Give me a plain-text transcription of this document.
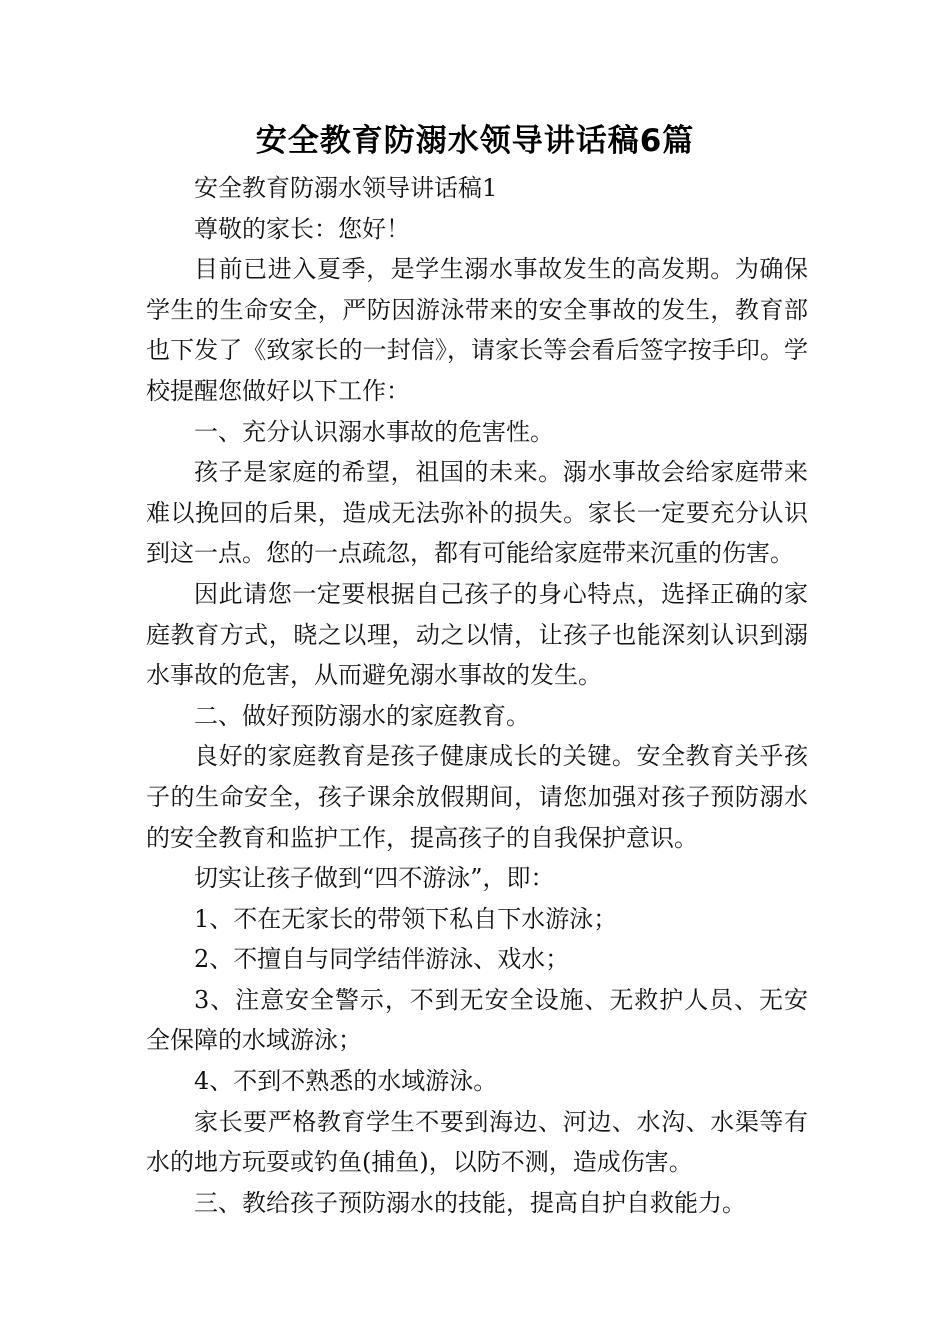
安全教育防溺水领导讲话稿6篇

安全教育防溺水领导讲话稿1

尊敬的家长：您好！

目前已进入夏季，是学生溺水事故发生的高发期。为确保学生的生命安全，严防因游泳带来的安全事故的发生，教育部也下发了《致家长的一封信》，请家长等会看后签字按手印。学校提醒您做好以下工作：

一、充分认识溺水事故的危害性。

孩子是家庭的希望，祖国的未来。溺水事故会给家庭带来难以挽回的后果，造成无法弥补的损失。家长一定要充分认识到这一点。您的一点疏忽，都有可能给家庭带来沉重的伤害。

因此请您一定要根据自己孩子的身心特点，选择正确的家庭教育方式，晓之以理，动之以情，让孩子也能深刻认识到溺水事故的危害，从而避免溺水事故的发生。

二、做好预防溺水的家庭教育。

良好的家庭教育是孩子健康成长的关键。安全教育关乎孩子的生命安全，孩子课余放假期间，请您加强对孩子预防溺水的安全教育和监护工作，提高孩子的自我保护意识。

切实让孩子做到“四不游泳”，即：

1、不在无家长的带领下私自下水游泳；

2、不擅自与同学结伴游泳、戏水；

3、注意安全警示，不到无安全设施、无救护人员、无安全保障的水域游泳；

4、不到不熟悉的水域游泳。

家长要严格教育学生不要到海边、河边、水沟、水渠等有水的地方玩耍或钓鱼(捕鱼)，以防不测，造成伤害。

三、教给孩子预防溺水的技能，提高自护自救能力。
